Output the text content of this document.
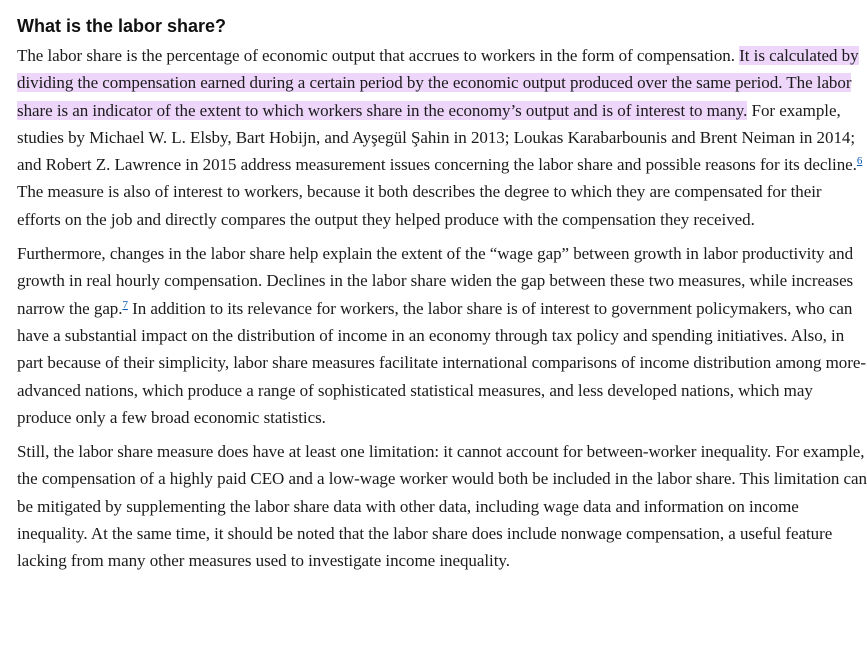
What is the labor share?

The labor share is the percentage of economic output that accrues to workers in the form of compensation. It is calculated by dividing the compensation earned during a certain period by the economic output produced over the same period. The labor share is an indicator of the extent to which workers share in the economy’s output and is of interest to many. For example, studies by Michael W. L. Elsby, Bart Hobijn, and Ayşegül Şahin in 2013; Loukas Karabarbounis and Brent Neiman in 2014; and Robert Z. Lawrence in 2015 address measurement issues concerning the labor share and possible reasons for its decline.$^6$ The measure is also of interest to workers, because it both describes the degree to which they are compensated for their efforts on the job and directly compares the output they helped produce with the compensation they received.

Furthermore, changes in the labor share help explain the extent of the “wage gap” between growth in labor productivity and growth in real hourly compensation. Declines in the labor share widen the gap between these two measures, while increases narrow the gap.$^7$ In addition to its relevance for workers, the labor share is of interest to government policymakers, who can have a substantial impact on the distribution of income in an economy through tax policy and spending initiatives. Also, in part because of their simplicity, labor share measures facilitate international comparisons of income distribution among more-advanced nations, which produce a range of sophisticated statistical measures, and less developed nations, which may produce only a few broad economic statistics.

Still, the labor share measure does have at least one limitation: it cannot account for between-worker inequality. For example, the compensation of a highly paid CEO and a low-wage worker would both be included in the labor share. This limitation can be mitigated by supplementing the labor share data with other data, including wage data and information on income inequality. At the same time, it should be noted that the labor share does include nonwage compensation, a useful feature lacking from many other measures used to investigate income inequality.
